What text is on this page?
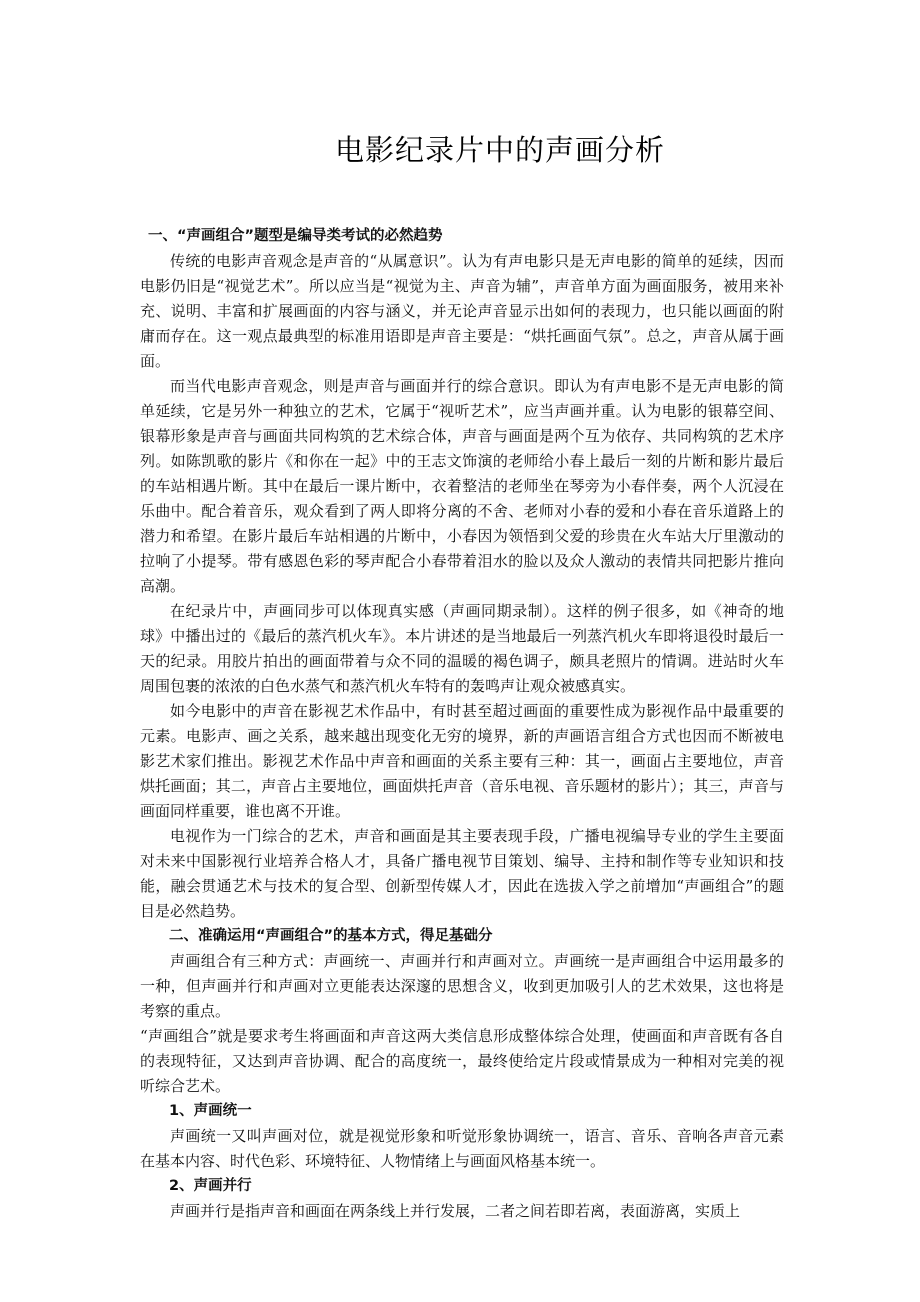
电影纪录片中的声画分析

一、“声画组合”题型是编导类考试的必然趋势

传统的电影声音观念是声音的“从属意识”。认为有声电影只是无声电影的简单的延续，因而电影仍旧是“视觉艺术”。所以应当是“视觉为主、声音为辅”，声音单方面为画面服务，被用来补充、说明、丰富和扩展画面的内容与涵义，并无论声音显示出如何的表现力，也只能以画面的附庸而存在。这一观点最典型的标准用语即是声音主要是：“烘托画面气氛”。总之，声音从属于画面。

而当代电影声音观念，则是声音与画面并行的综合意识。即认为有声电影不是无声电影的简单延续，它是另外一种独立的艺术，它属于“视听艺术”，应当声画并重。认为电影的银幕空间、银幕形象是声音与画面共同构筑的艺术综合体，声音与画面是两个互为依存、共同构筑的艺术序列。如陈凯歌的影片《和你在一起》中的王志文饰演的老师给小春上最后一刻的片断和影片最后的车站相遇片断。其中在最后一课片断中，衣着整洁的老师坐在琴旁为小春伴奏，两个人沉浸在乐曲中。配合着音乐，观众看到了两人即将分离的不舍、老师对小春的爱和小春在音乐道路上的潜力和希望。在影片最后车站相遇的片断中，小春因为领悟到父爱的珍贵在火车站大厅里激动的拉响了小提琴。带有感恩色彩的琴声配合小春带着泪水的脸以及众人激动的表情共同把影片推向高潮。

在纪录片中，声画同步可以体现真实感（声画同期录制）。这样的例子很多，如《神奇的地球》中播出过的《最后的蒸汽机火车》。本片讲述的是当地最后一列蒸汽机火车即将退役时最后一天的纪录。用胶片拍出的画面带着与众不同的温暖的褐色调子，颇具老照片的情调。进站时火车周围包裹的浓浓的白色水蒸气和蒸汽机火车特有的轰鸣声让观众被感真实。

如今电影中的声音在影视艺术作品中，有时甚至超过画面的重要性成为影视作品中最重要的元素。电影声、画之关系，越来越出现变化无穷的境界，新的声画语言组合方式也因而不断被电影艺术家们推出。影视艺术作品中声音和画面的关系主要有三种：其一，画面占主要地位，声音烘托画面；其二，声音占主要地位，画面烘托声音（音乐电视、音乐题材的影片）；其三，声音与画面同样重要，谁也离不开谁。

电视作为一门综合的艺术，声音和画面是其主要表现手段，广播电视编导专业的学生主要面对未来中国影视行业培养合格人才，具备广播电视节目策划、编导、主持和制作等专业知识和技能，融会贯通艺术与技术的复合型、创新型传媒人才，因此在选拔入学之前增加“声画组合”的题目是必然趋势。

二、准确运用“声画组合”的基本方式，得足基础分

声画组合有三种方式：声画统一、声画并行和声画对立。声画统一是声画组合中运用最多的一种，但声画并行和声画对立更能表达深邃的思想含义，收到更加吸引人的艺术效果，这也将是考察的重点。

“声画组合”就是要求考生将画面和声音这两大类信息形成整体综合处理，使画面和声音既有各自的表现特征，又达到声音协调、配合的高度统一，最终使给定片段或情景成为一种相对完美的视听综合艺术。

1、声画统一

声画统一又叫声画对位，就是视觉形象和听觉形象协调统一，语言、音乐、音响各声音元素在基本内容、时代色彩、环境特征、人物情绪上与画面风格基本统一。

2、声画并行

声画并行是指声音和画面在两条线上并行发展，二者之间若即若离，表面游离，实质上
